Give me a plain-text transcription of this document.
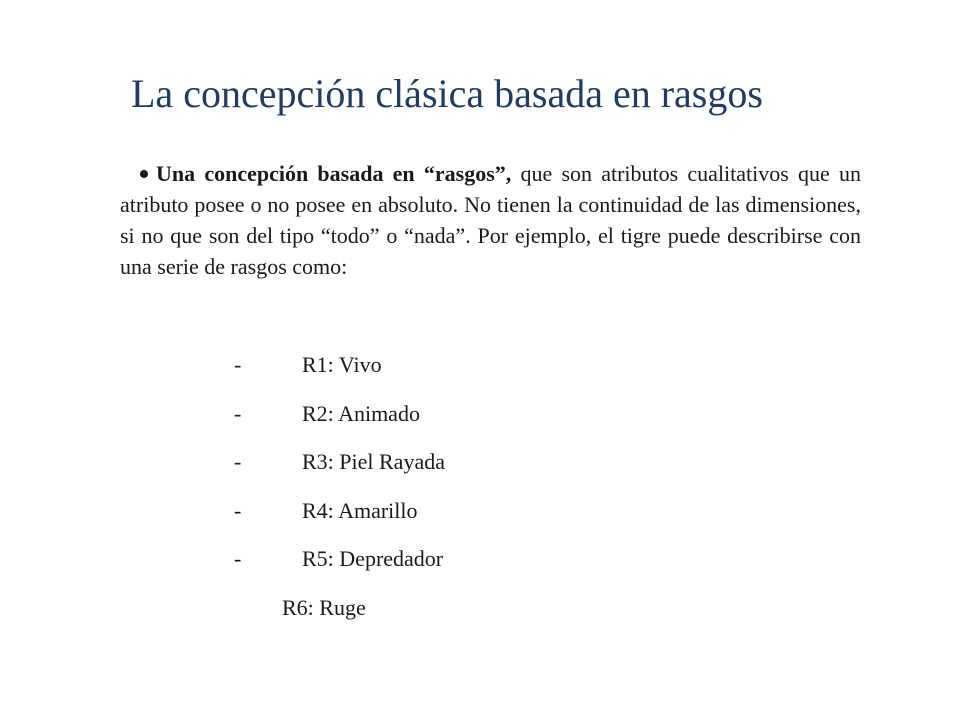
La concepción clásica basada en rasgos
Una concepción basada en “rasgos”, que son atributos cualitativos que un atributo posee o no posee en absoluto. No tienen la continuidad de las dimensiones, si no que son del tipo “todo” o “nada”. Por ejemplo, el tigre puede describirse con una serie de rasgos como:
-	R1: Vivo
-	R2: Animado
-	R3: Piel Rayada
-	R4: Amarillo
-	R5: Depredador
R6: Ruge
